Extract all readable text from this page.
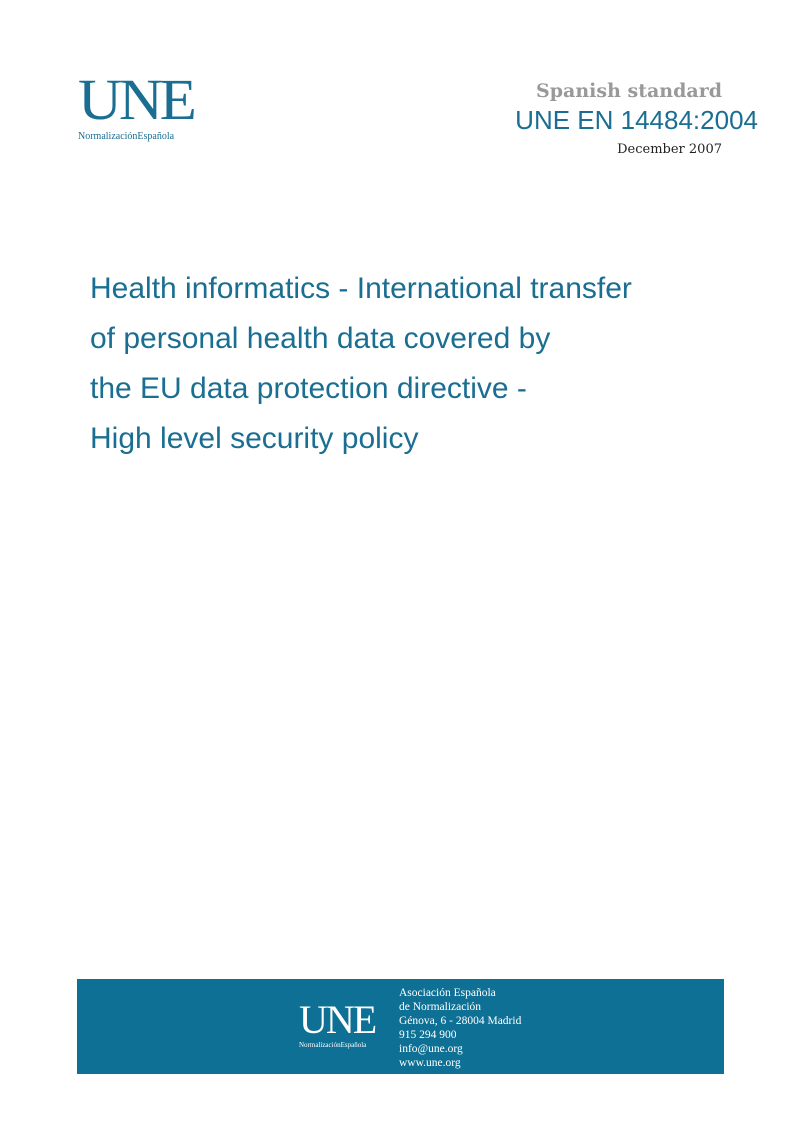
UNE
NormalizaciónEspañola
Spanish standard
UNE EN 14484:2004
December 2007
Health informatics - International transfer
of personal health data covered by
the EU data protection directive -
High level security policy
UNE
NormalizaciónEspañola
Asociación Española
de Normalización
Génova, 6 - 28004 Madrid
915 294 900
info@une.org
www.une.org
